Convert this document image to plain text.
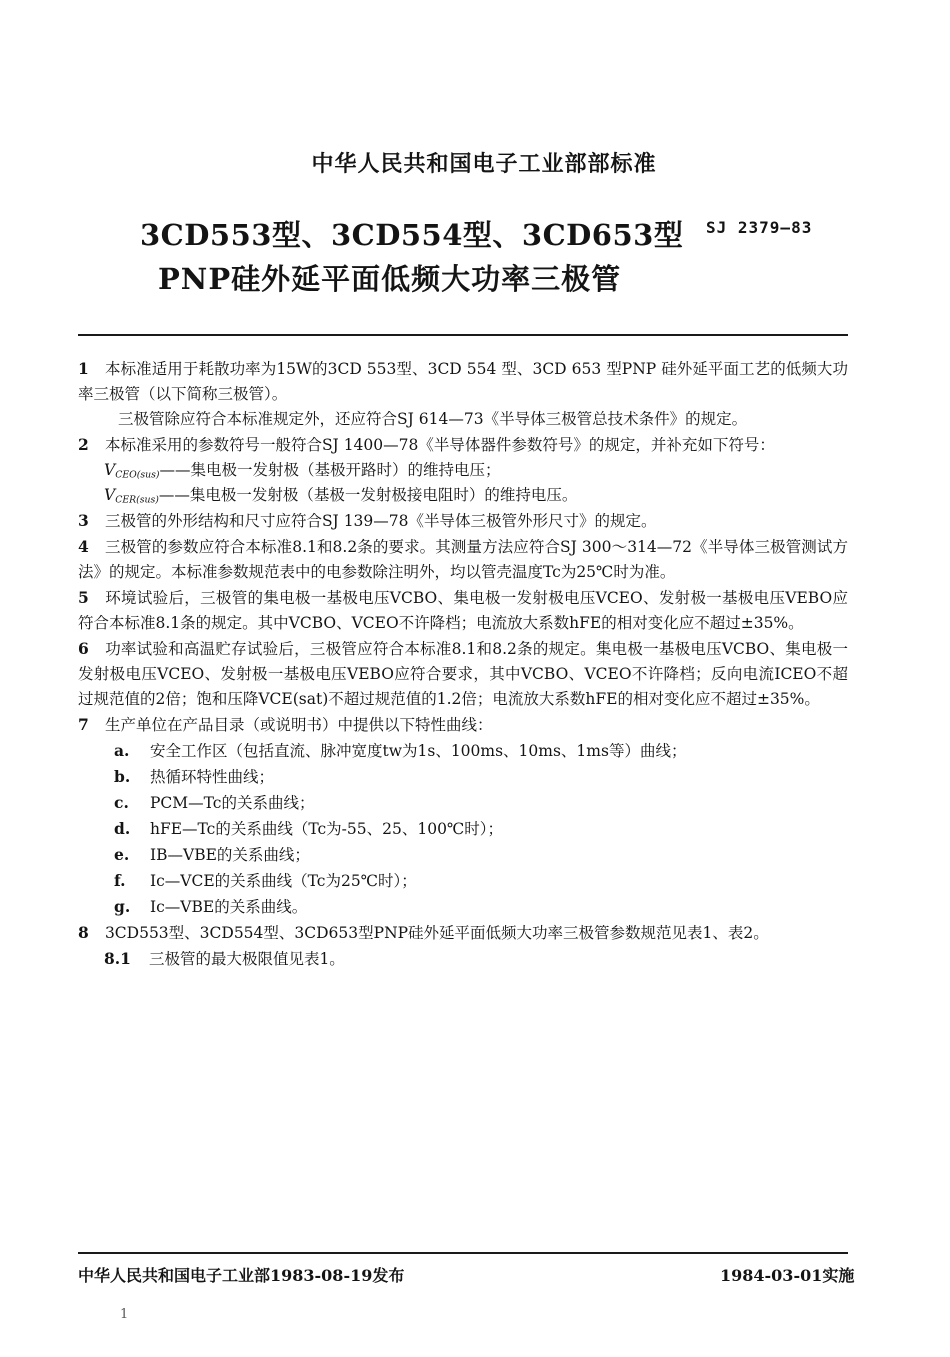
中华人民共和国电子工业部部标准
3CD553型、3CD554型、3CD653型
PNP硅外延平面低频大功率三极管
SJ 2379—83

1 本标准适用于耗散功率为15W的3CD 553型、3CD 554 型、3CD 653 型PNP 硅外延平面工艺的低频大功率三极管（以下简称三极管）。

三极管除应符合本标准规定外，还应符合SJ 614—73《半导体三极管总技术条件》的规定。

2 本标准采用的参数符号一般符合SJ 1400—78《半导体器件参数符号》的规定，并补充如下符号：

$V_{CEO(sus)}——$集电极一发射极（基极开路时）的维持电压；

$V_{CER(sus)}——$集电极一发射极（基极一发射极接电阻时）的维持电压。

3 三极管的外形结构和尺寸应符合SJ 139—78《半导体三极管外形尺寸》的规定。

4 三极管的参数应符合本标准8.1和8.2条的要求。其测量方法应符合SJ 300～314—72《半导体三极管测试方法》的规定。本标准参数规范表中的电参数除注明外，均以管壳温度Tc为25℃时为准。

5 环境试验后，三极管的集电极一基极电压VCBO、集电极一发射极电压VCEO、发射极一基极电压VEBO应符合本标准8.1条的规定。其中VCBO、VCEO不许降档；电流放大系数hFE的相对变化应不超过±35%。

6 功率试验和高温贮存试验后，三极管应符合本标准8.1和8.2条的规定。集电极一基极电压VCBO、集电极一发射极电压VCEO、发射极一基极电压VEBO应符合要求，其中VCBO、VCEO不许降档；反向电流ICEO不超过规范值的2倍；饱和压降VCE(sat)不超过规范值的1.2倍；电流放大系数hFE的相对变化应不超过±35%。

7 生产单位在产品目录（或说明书）中提供以下特性曲线：

a. 安全工作区（包括直流、脉冲宽度tw为1s、100ms、10ms、1ms等）曲线；

b. 热循环特性曲线；

c. PCM—Tc的关系曲线；

d. hFE—Tc的关系曲线（Tc为-55、25、100℃时）；

e. IB—VBE的关系曲线；

f. Ic—VCE的关系曲线（Tc为25℃时）；

g. Ic—VBE的关系曲线。

8 3CD553型、3CD554型、3CD653型PNP硅外延平面低频大功率三极管参数规范见表1、表2。

8.1 三极管的最大极限值见表1。

中华人民共和国电子工业部1983-08-19发布	1984-03-01实施
1
